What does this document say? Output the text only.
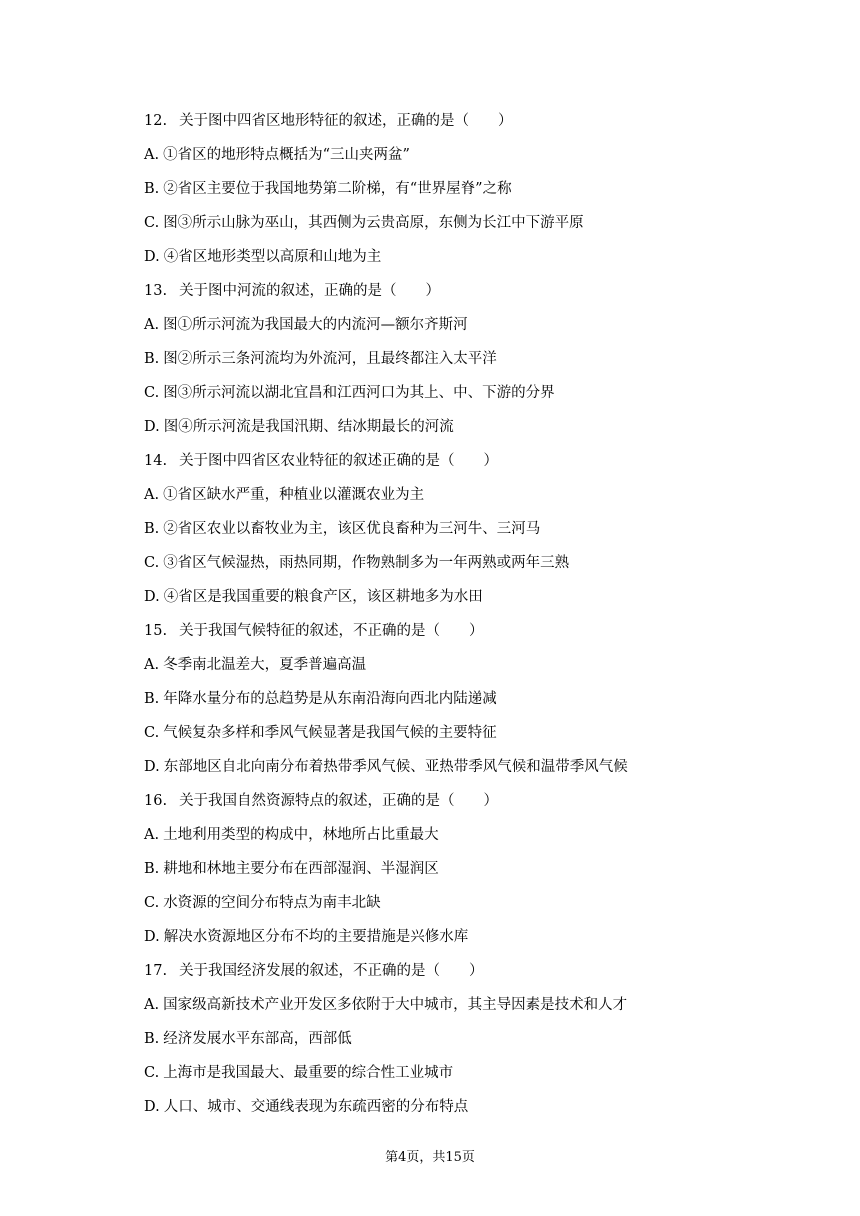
12. 关于图中四省区地形特征的叙述，正确的是（　　）
A. ①省区的地形特点概括为“三山夹两盆”
B. ②省区主要位于我国地势第二阶梯，有“世界屋脊”之称
C. 图③所示山脉为巫山，其西侧为云贵高原，东侧为长江中下游平原
D. ④省区地形类型以高原和山地为主
13. 关于图中河流的叙述，正确的是（　　）
A. 图①所示河流为我国最大的内流河—额尔齐斯河
B. 图②所示三条河流均为外流河，且最终都注入太平洋
C. 图③所示河流以湖北宜昌和江西河口为其上、中、下游的分界
D. 图④所示河流是我国汛期、结冰期最长的河流
14. 关于图中四省区农业特征的叙述正确的是（　　）
A. ①省区缺水严重，种植业以灌溉农业为主
B. ②省区农业以畜牧业为主，该区优良畜种为三河牛、三河马
C. ③省区气候湿热，雨热同期，作物熟制多为一年两熟或两年三熟
D. ④省区是我国重要的粮食产区，该区耕地多为水田
15. 关于我国气候特征的叙述，不正确的是（　　）
A. 冬季南北温差大，夏季普遍高温
B. 年降水量分布的总趋势是从东南沿海向西北内陆递减
C. 气候复杂多样和季风气候显著是我国气候的主要特征
D. 东部地区自北向南分布着热带季风气候、亚热带季风气候和温带季风气候
16. 关于我国自然资源特点的叙述，正确的是（　　）
A. 土地利用类型的构成中，林地所占比重最大
B. 耕地和林地主要分布在西部湿润、半湿润区
C. 水资源的空间分布特点为南丰北缺
D. 解决水资源地区分布不均的主要措施是兴修水库
17. 关于我国经济发展的叙述，不正确的是（　　）
A. 国家级高新技术产业开发区多依附于大中城市，其主导因素是技术和人才
B. 经济发展水平东部高，西部低
C. 上海市是我国最大、最重要的综合性工业城市
D. 人口、城市、交通线表现为东疏西密的分布特点
第4页，共15页
